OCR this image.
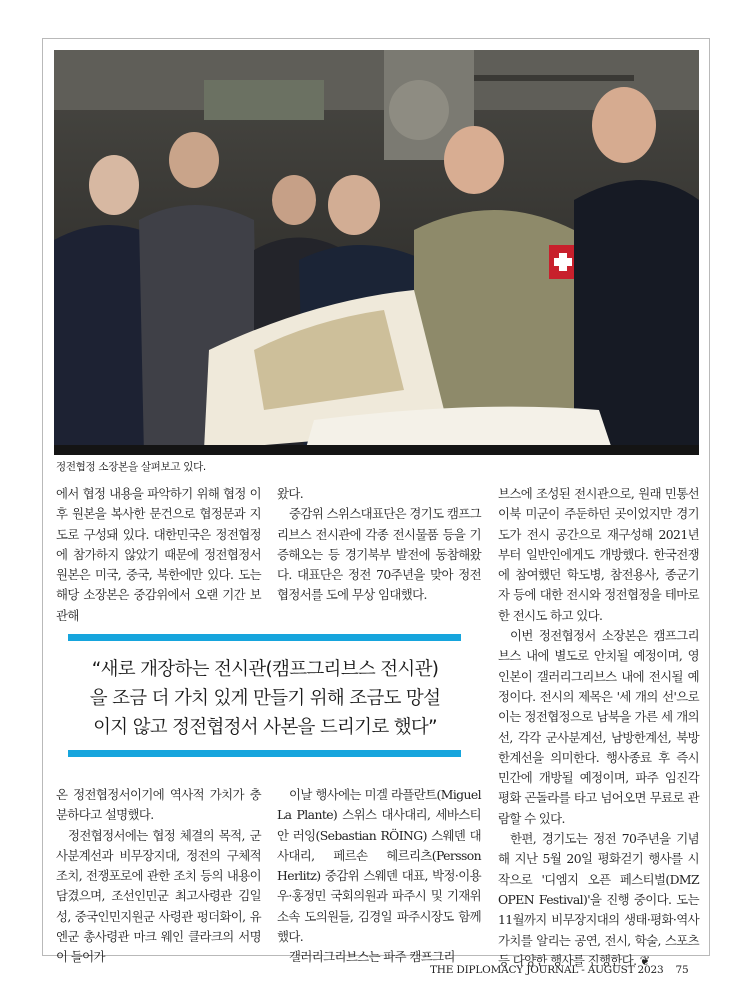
정전협정 소장본을 살펴보고 있다.

에서 협정 내용을 파악하기 위해 협정 이후 원본을 복사한 문건으로 협정문과 지도로 구성돼 있다. 대한민국은 정전협정에 참가하지 않았기 때문에 정전협정서 원본은 미국, 중국, 북한에만 있다. 도는 해당 소장본은 중감위에서 오랜 기간 보관해

왔다.

중감위 스위스대표단은 경기도 캠프그리브스 전시관에 각종 전시물품 등을 기증해오는 등 경기북부 발전에 동참해왔다. 대표단은 정전 70주년을 맞아 정전협정서를 도에 무상 임대했다.

브스에 조성된 전시관으로, 원래 민통선 이북 미군이 주둔하던 곳이었지만 경기도가 전시 공간으로 재구성해 2021년부터 일반인에게도 개방했다. 한국전쟁에 참여했던 학도병, 참전용사, 종군기자 등에 대한 전시와 정전협정을 테마로 한 전시도 하고 있다.

이번 정전협정서 소장본은 캠프그리브스 내에 별도로 안치될 예정이며, 영인본이 갤러리그리브스 내에 전시될 예정이다. 전시의 제목은 '세 개의 선'으로 이는 정전협정으로 남북을 가른 세 개의 선, 각각 군사분계선, 남방한계선, 북방한계선을 의미한다. 행사종료 후 즉시 민간에 개방될 예정이며, 파주 임진각 평화 곤돌라를 타고 넘어오면 무료로 관람할 수 있다.

한편, 경기도는 정전 70주년을 기념해 지난 5월 20일 평화걷기 행사를 시작으로 '디엠지 오픈 페스티벌(DMZ OPEN Festival)'을 진행 중이다. 도는 11월까지 비무장지대의 생태·평화·역사 가치를 알리는 공연, 전시, 학술, 스포츠 등 다양한 행사를 진행한다. ❦

“새로 개장하는 전시관(캠프그리브스 전시관)
을 조금 더 가치 있게 만들기 위해 조금도 망설
이지 않고 정전협정서 사본을 드리기로 했다”

온 정전협정서이기에 역사적 가치가 충분하다고 설명했다.

정전협정서에는 협정 체결의 목적, 군사분계선과 비무장지대, 정전의 구체적 조치, 전쟁포로에 관한 조치 등의 내용이 담겼으며, 조선인민군 최고사령관 김일성, 중국인민지원군 사령관 펑더화이, 유엔군 총사령관 마크 웨인 클라크의 서명이 들어가

이날 행사에는 미겔 라플란트(Miguel La Plante) 스위스 대사대리, 세바스티안 러잉(Sebastian RÖING) 스웨덴 대사대리, 페르손 헤르리츠(Persson Herlitz) 중감위 스웨덴 대표, 박정·이용우·홍정민 국회의원과 파주시 및 기재위 소속 도의원들, 김경일 파주시장도 함께했다.

갤러리그리브스는 파주 캠프그리

THE DIPLOMACY JOURNAL - AUGUST 2023 75
